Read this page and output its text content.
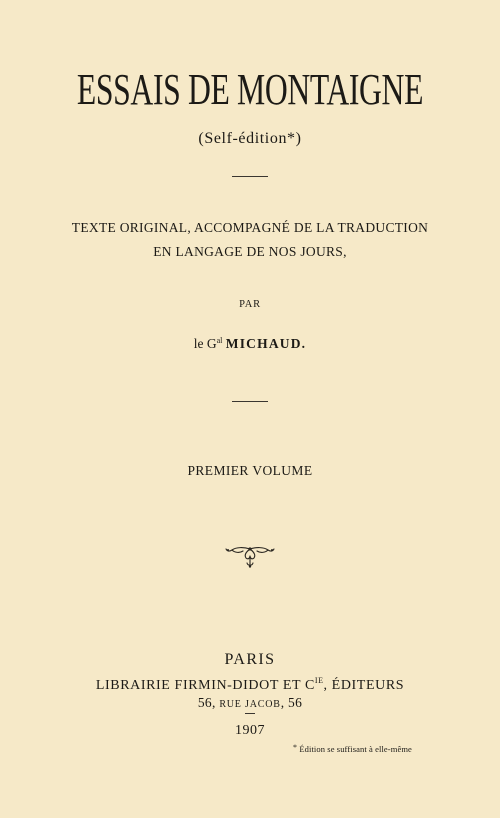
ESSAIS DE MONTAIGNE
(Self-édition*)
TEXTE ORIGINAL, ACCOMPAGNÉ DE LA TRADUCTION
EN LANGAGE DE NOS JOURS,
PAR
le $G^{al}$ MICHAUD.
PREMIER VOLUME
PARIS
LIBRAIRIE FIRMIN-DIDOT ET $C^{IE}$, ÉDITEURS
56, RUE JACOB, 56
1907
* Édition se suffisant à elle-même
